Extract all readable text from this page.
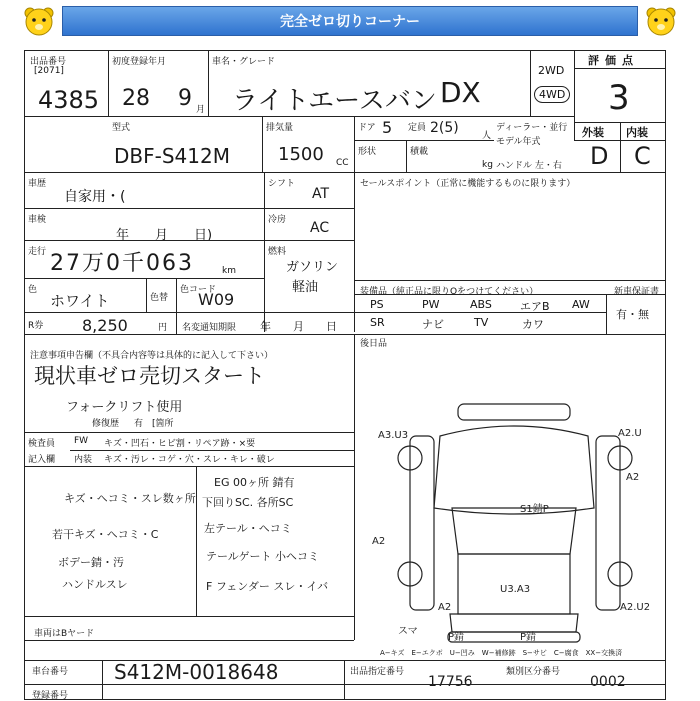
完全ゼロ切りコーナー
出品番号
[2071]
4385
初度登録年月
28 9 月
車名・グレード
ライトエースバン DX
2WD
4WD
評価点
3
型式
DBF-S412M
排気量
1500 CC
ドア 5 定員 2(5)	人
ディーラー・並行
モデル年式
形状	積載
kg ハンドル 左・右
外装 内装
D C
車歴
自家用・(
シフト
AT
車検
年　　月　　日)
冷房 AC
走行 27万0千063	km
燃料
ガソリン
軽油
色
ホワイト	色替
色コード
W09
R券 8,250	円 名変通知期限 年　　月　　日
セールスポイント（正常に機能するものに限ります）
装備品（純正品に限りOをつけてください）	新車保証書
PS	PW	ABS	エアB AW
SR	ナビ	TV	カワ
有・無
後日品
注意事項申告欄（不具合内容等は具体的に記入して下さい）
現状車ゼロ売切スタート
フォークリフト使用
修復歴 有　[箇所
検査員 FW キズ・凹石・ヒビ割・リペア跡・×要
記入欄 内装 キズ・汚レ・コゲ・穴・スレ・キレ・破レ
キズ・ヘコミ・スレ数ヶ所
若干キズ・ヘコミ・C
ボデー錆・汚
ハンドルスレ
EG 00ヶ所 錆有
下回りSC. 各所SC
左テール・ヘコミ
テールゲート 小ヘコミ
F フェンダー スレ・イバ
車両はBヤード
A3.U3	A2.U
A2
S1錆P
A2
U3.A3
A2.U2
A2
P錆	P錆
スマ
A−キズ　E−エクボ　U−凹み　W−補修跡　S−サビ　C−腐食　XX−交換済
車台番号 S412M-0018648	出品指定番号
17756
類別区分番号
0002
登録番号
